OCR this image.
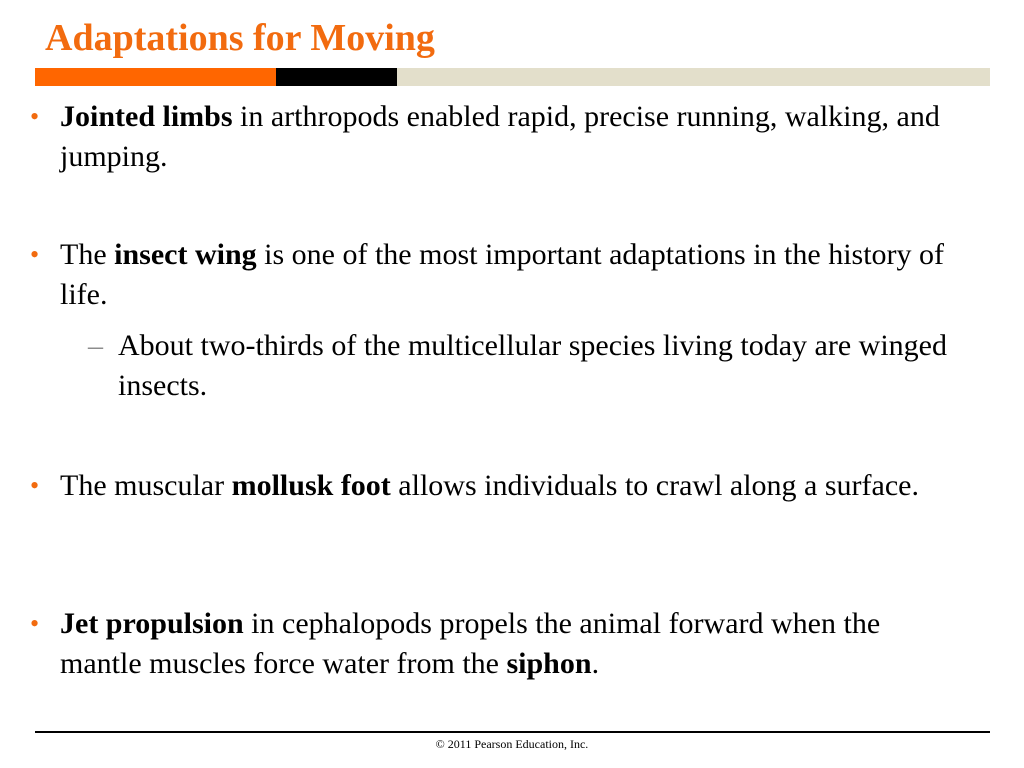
Adaptations for Moving
• Jointed limbs in arthropods enabled rapid, precise running, walking, and jumping.
• The insect wing is one of the most important adaptations in the history of life.
– About two-thirds of the multicellular species living today are winged insects.
• The muscular mollusk foot allows individuals to crawl along a surface.
• Jet propulsion in cephalopods propels the animal forward when the mantle muscles force water from the siphon.
© 2011 Pearson Education, Inc.
